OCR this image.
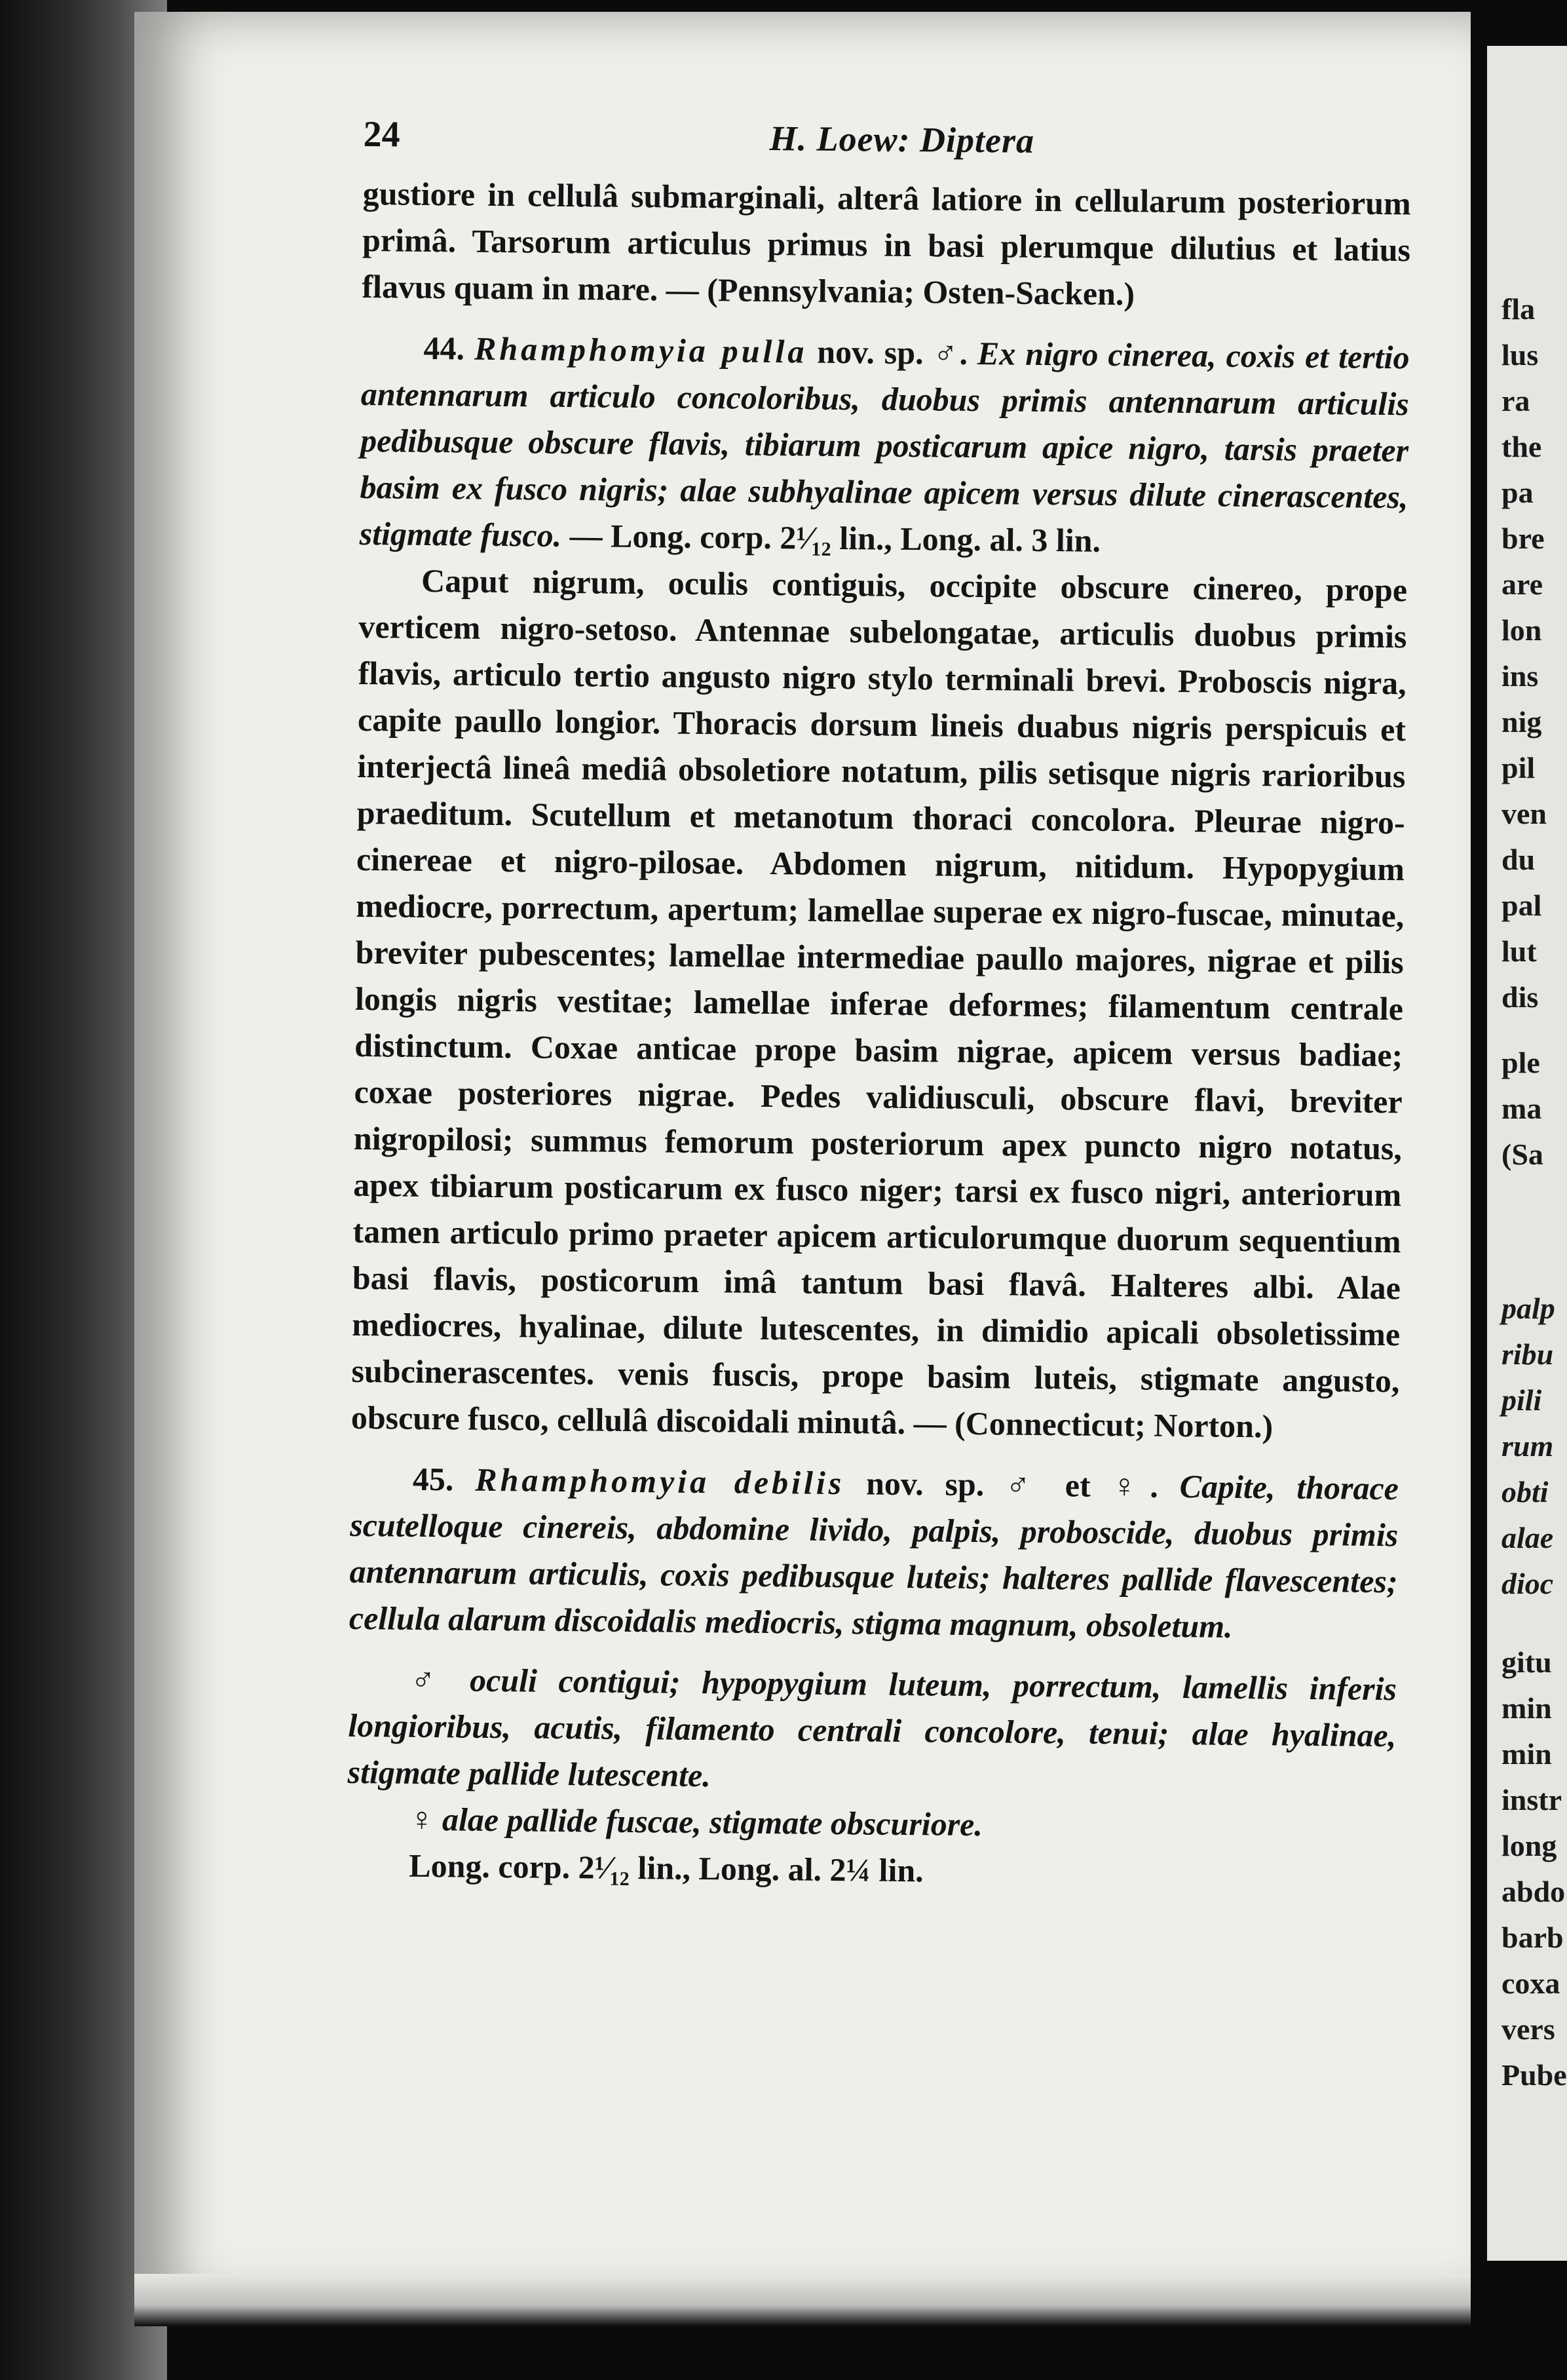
fla
lus
ra
the
pa
bre
are
lon
ins
nig
pil
ven
du
pal
lut
dis
ple
ma
(Sa
palp
ribu
pili
rum
obti
alae
dioc
gitu
min
min
instr
long
abdo
barb
coxa
vers
Pube
24	H. Loew: Diptera

gustiore in cellulâ submarginali, alterâ latiore in cellularum posteriorum primâ. Tarsorum articulus primus in basi plerumque dilutius et latius flavus quam in mare. — (Pennsylvania; Osten-Sacken.)

44. Rhamphomyia pulla nov. sp. ♂. Ex nigro cinerea, coxis et tertio antennarum articulo concoloribus, duobus primis antennarum articulis pedibusque obscure flavis, tibiarum posticarum apice nigro, tarsis praeter basim ex fusco nigris; alae subhyalinae apicem versus dilute cinerascentes, stigmate fusco. — Long. corp. 2¹⁄₁₂ lin., Long. al. 3 lin.

Caput nigrum, oculis contiguis, occipite obscure cinereo, prope verticem nigro-setoso. Antennae subelongatae, articulis duobus primis flavis, articulo tertio angusto nigro stylo terminali brevi. Proboscis nigra, capite paullo longior. Thoracis dorsum lineis duabus nigris perspicuis et interjectâ lineâ mediâ obsoletiore notatum, pilis setisque nigris rarioribus praeditum. Scutellum et metanotum thoraci concolora. Pleurae nigro-cinereae et nigro-pilosae. Abdomen nigrum, nitidum. Hypopygium mediocre, porrectum, apertum; lamellae superae ex nigro-fuscae, minutae, breviter pubescentes; lamellae intermediae paullo majores, nigrae et pilis longis nigris vestitae; lamellae inferae deformes; filamentum centrale distinctum. Coxae anticae prope basim nigrae, apicem versus badiae; coxae posteriores nigrae. Pedes validiusculi, obscure flavi, breviter nigropilosi; summus femorum posteriorum apex puncto nigro notatus, apex tibiarum posticarum ex fusco niger; tarsi ex fusco nigri, anteriorum tamen articulo primo praeter apicem articulorumque duorum sequentium basi flavis, posticorum imâ tantum basi flavâ. Halteres albi. Alae mediocres, hyalinae, dilute lutescentes, in dimidio apicali obsoletissime subcinerascentes. venis fuscis, prope basim luteis, stigmate angusto, obscure fusco, cellulâ discoidali minutâ. — (Connecticut; Norton.)

45. Rhamphomyia debilis nov. sp. ♂ et ♀. Capite, thorace scutelloque cinereis, abdomine livido, palpis, proboscide, duobus primis antennarum articulis, coxis pedibusque luteis; halteres pallide flavescentes; cellula alarum discoidalis mediocris, stigma magnum, obsoletum.

♂ oculi contigui; hypopygium luteum, porrectum, lamellis inferis longioribus, acutis, filamento centrali concolore, tenui; alae hyalinae, stigmate pallide lutescente.

♀ alae pallide fuscae, stigmate obscuriore.

Long. corp. 2¹⁄₁₂ lin., Long. al. 2¼ lin.
